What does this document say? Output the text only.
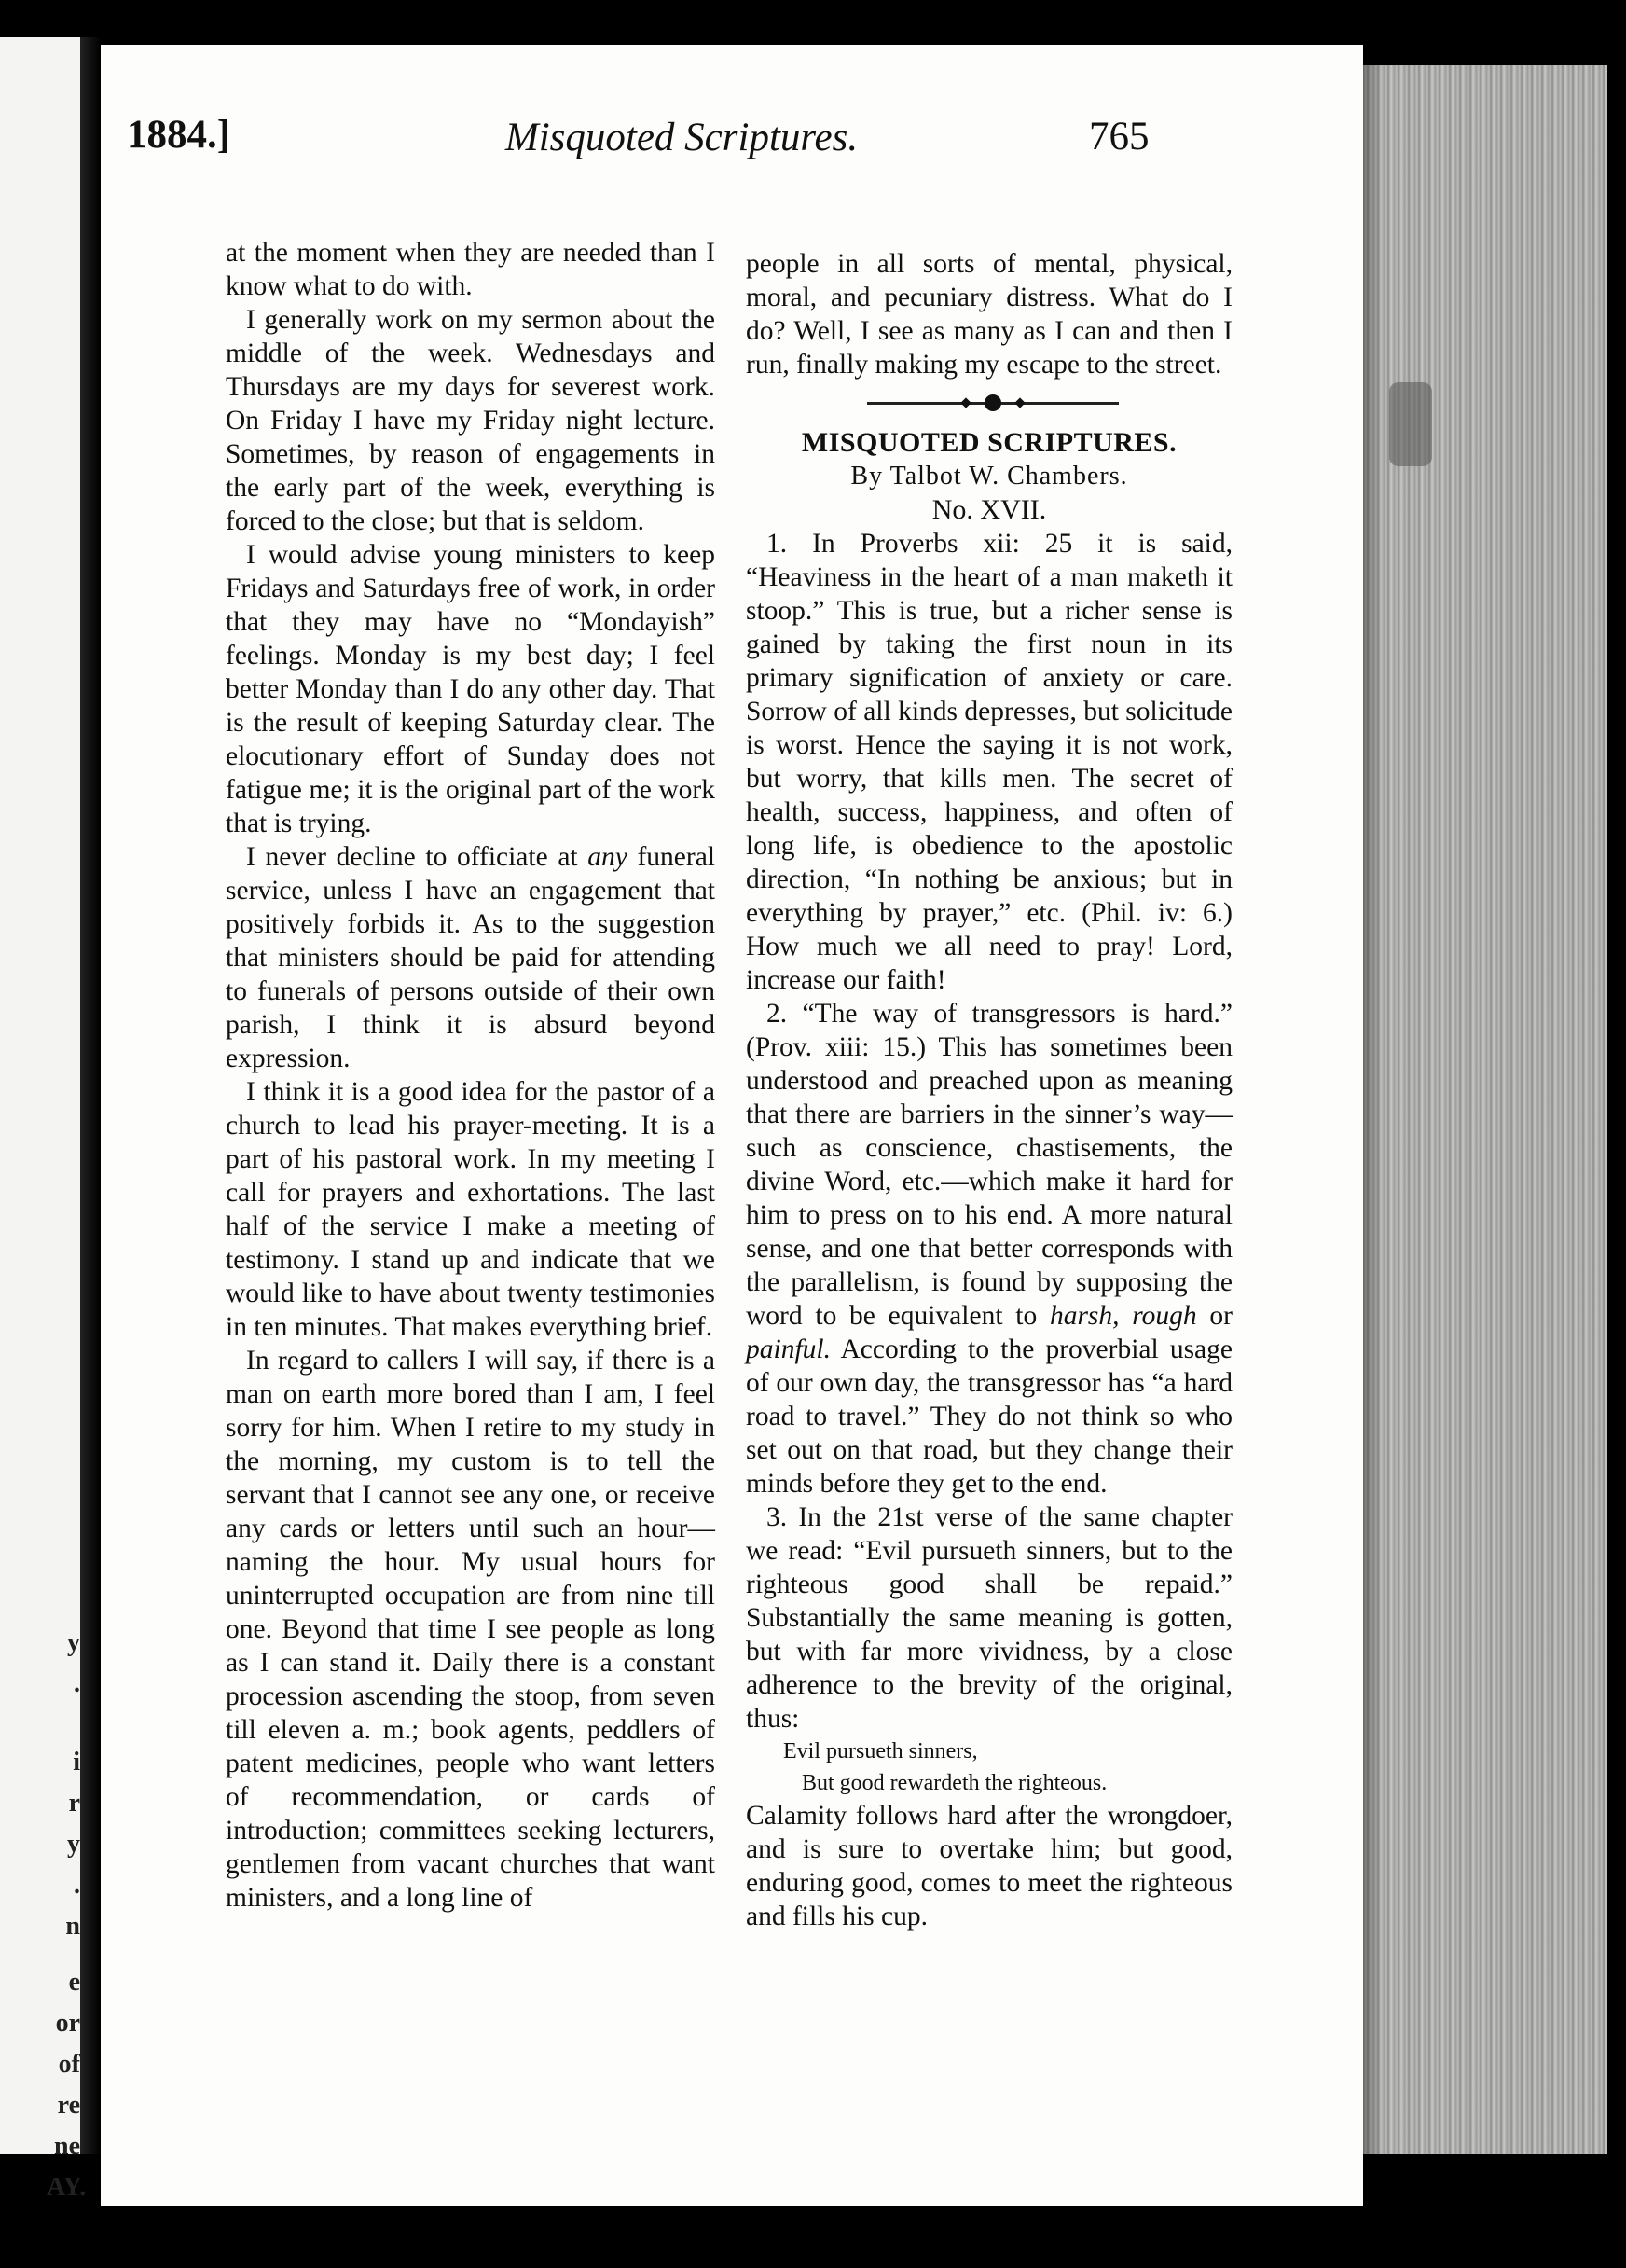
y
.
i
r
y
.
n
e
or
of
re
ne
AY.
1884.]	Misquoted Scriptures.	765

at the moment when they are needed than I know what to do with.

I generally work on my sermon about the middle of the week. Wednesdays and Thursdays are my days for severest work. On Friday I have my Friday night lecture. Sometimes, by reason of engagements in the early part of the week, everything is forced to the close; but that is seldom.

I would advise young ministers to keep Fridays and Saturdays free of work, in order that they may have no “Mondayish” feelings. Monday is my best day; I feel better Monday than I do any other day. That is the result of keeping Saturday clear. The elocutionary effort of Sunday does not fatigue me; it is the original part of the work that is trying.

I never decline to officiate at any funeral service, unless I have an engagement that positively forbids it. As to the suggestion that ministers should be paid for attending to funerals of persons outside of their own parish, I think it is absurd beyond expression.

I think it is a good idea for the pastor of a church to lead his prayer-meeting. It is a part of his pastoral work. In my meeting I call for prayers and exhortations. The last half of the service I make a meeting of testimony. I stand up and indicate that we would like to have about twenty testimonies in ten minutes. That makes everything brief.

In regard to callers I will say, if there is a man on earth more bored than I am, I feel sorry for him. When I retire to my study in the morning, my custom is to tell the servant that I cannot see any one, or receive any cards or letters until such an hour—naming the hour. My usual hours for uninterrupted occupation are from nine till one. Beyond that time I see people as long as I can stand it. Daily there is a constant procession ascending the stoop, from seven till eleven a. m.; book agents, peddlers of patent medicines, people who want letters of recommendation, or cards of introduction; committees seeking lecturers, gentlemen from vacant churches that want ministers, and a long line of

people in all sorts of mental, physical, moral, and pecuniary distress. What do I do? Well, I see as many as I can and then I run, finally making my escape to the street.

MISQUOTED SCRIPTURES.
By Talbot W. Chambers.
No. XVII.

1. In Proverbs xii: 25 it is said, “Heaviness in the heart of a man maketh it stoop.” This is true, but a richer sense is gained by taking the first noun in its primary signification of anxiety or care. Sorrow of all kinds depresses, but solicitude is worst. Hence the saying it is not work, but worry, that kills men. The secret of health, success, happiness, and often of long life, is obedience to the apostolic direction, “In nothing be anxious; but in everything by prayer,” etc. (Phil. iv: 6.) How much we all need to pray! Lord, increase our faith!

2. “The way of transgressors is hard.” (Prov. xiii: 15.) This has sometimes been understood and preached upon as meaning that there are barriers in the sinner’s way—such as conscience, chastisements, the divine Word, etc.—which make it hard for him to press on to his end. A more natural sense, and one that better corresponds with the parallelism, is found by supposing the word to be equivalent to harsh, rough or painful. According to the proverbial usage of our own day, the transgressor has “a hard road to travel.” They do not think so who set out on that road, but they change their minds before they get to the end.

3. In the 21st verse of the same chapter we read: “Evil pursueth sinners, but to the righteous good shall be repaid.” Substantially the same meaning is gotten, but with far more vividness, by a close adherence to the brevity of the original, thus:

Evil pursueth sinners,
But good rewardeth the righteous.

Calamity follows hard after the wrongdoer, and is sure to overtake him; but good, enduring good, comes to meet the righteous and fills his cup.
